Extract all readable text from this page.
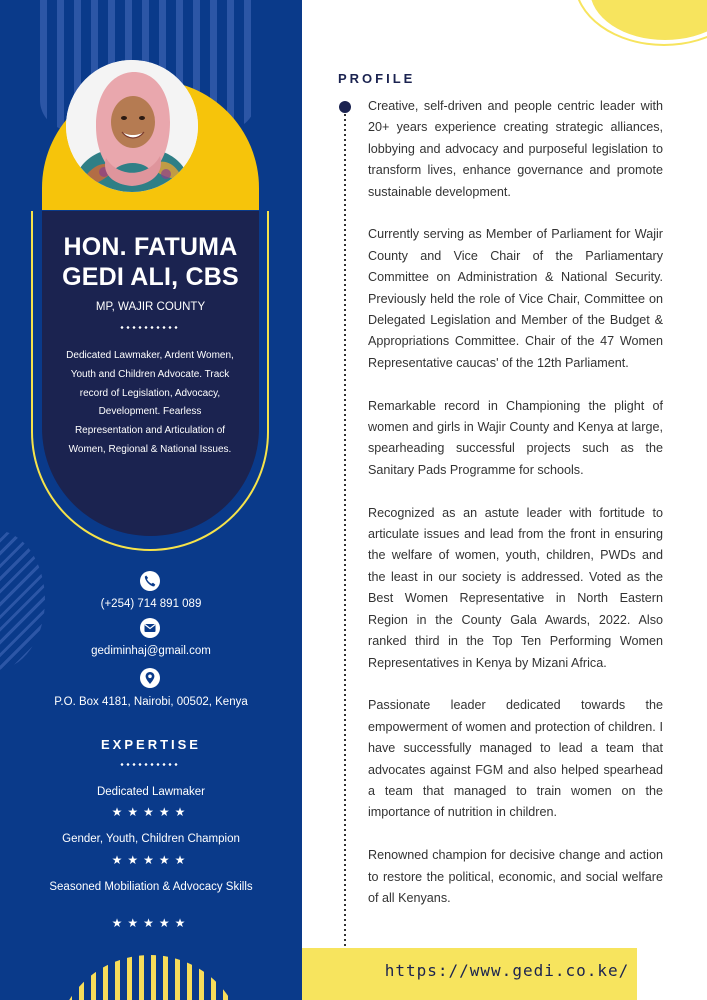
HON. FATUMA
GEDI ALI, CBS
MP, WAJIR COUNTY
Dedicated Lawmaker, Ardent Women, Youth and Children Advocate. Track record of Legislation, Advocacy, Development. Fearless Representation and Articulation of Women, Regional & National Issues.
(+254) 714 891 089
gediminhaj@gmail.com
P.O. Box 4181, Nairobi, 00502, Kenya
EXPERTISE
Dedicated Lawmaker
★★★★★
Gender, Youth, Children Champion
★★★★★
Seasoned Mobiliation & Advocacy Skills
★★★★★
PROFILE

Creative, self-driven and people centric leader with 20+ years experience creating strategic alliances, lobbying and advocacy and purposeful legislation to transform lives, enhance governance and promote sustainable development.

Currently serving as Member of Parliament for Wajir County and Vice Chair of the Parliamentary Committee on Administration & National Security. Previously held the role of Vice Chair, Committee on Delegated Legislation and Member of the Budget & Appropriations Committee. Chair of the 47 Women Representative caucas' of the 12th Parliament.

Remarkable record in Championing the plight of women and girls in Wajir County and Kenya at large, spearheading successful projects such as the Sanitary Pads Programme for schools.

Recognized as an astute leader with fortitude to articulate issues and lead from the front in ensuring the welfare of women, youth, children, PWDs and the least in our society is addressed. Voted as the Best Women Representative in North Eastern Region in the County Gala Awards, 2022. Also ranked third in the Top Ten Performing Women Representatives in Kenya by Mizani Africa.

Passionate leader dedicated towards the empowerment of women and protection of children. I have successfully managed to lead a team that advocates against FGM and also helped spearhead a team that managed to train women on the importance of nutrition in children.

Renowned champion for decisive change and action to restore the political, economic, and social welfare of all Kenyans.

https://www.gedi.co.ke/
